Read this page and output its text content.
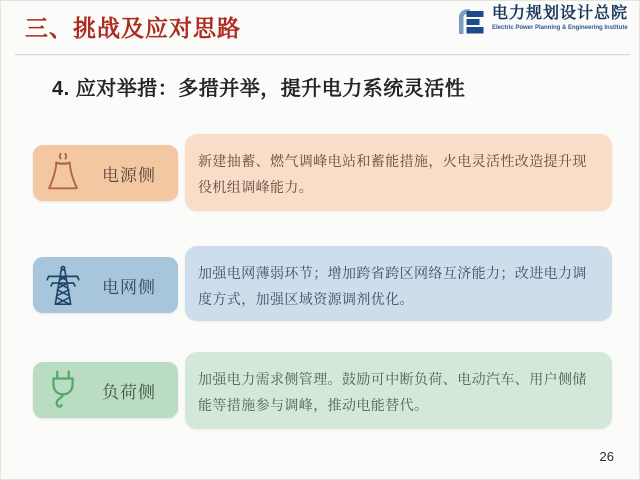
三、挑战及应对思路
电力规划设计总院
Electric Power Planning & Engineering Institute
4. 应对举措：多措并举，提升电力系统灵活性
电源侧
新建抽蓄、燃气调峰电站和蓄能措施，火电灵活性改造提升现役机组调峰能力。
电网侧
加强电网薄弱环节；增加跨省跨区网络互济能力；改进电力调度方式，加强区域资源调剂优化。
负荷侧
加强电力需求侧管理。鼓励可中断负荷、电动汽车、用户侧储能等措施参与调峰，推动电能替代。
26
